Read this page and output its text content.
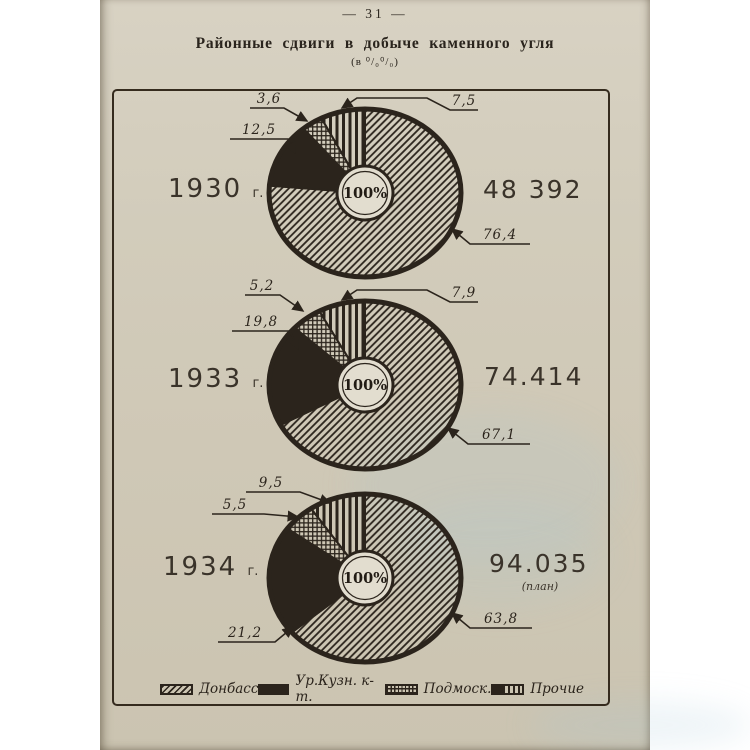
— 31 —
Районные сдвиги в добыче каменного угля
(в ⁰/₀⁰/₀)
100%
76,4
12,5
3,6	7,5
100%
67,1
19,8
5,2	7,9
100%
63,8
21,2
5,5
9,5
1930 г.
1933 г.
1934 г.
48 392
74.414
94.035
(план)
Донбасс	Ур.Кузн. к-т.	Подмоск.	Прочие
